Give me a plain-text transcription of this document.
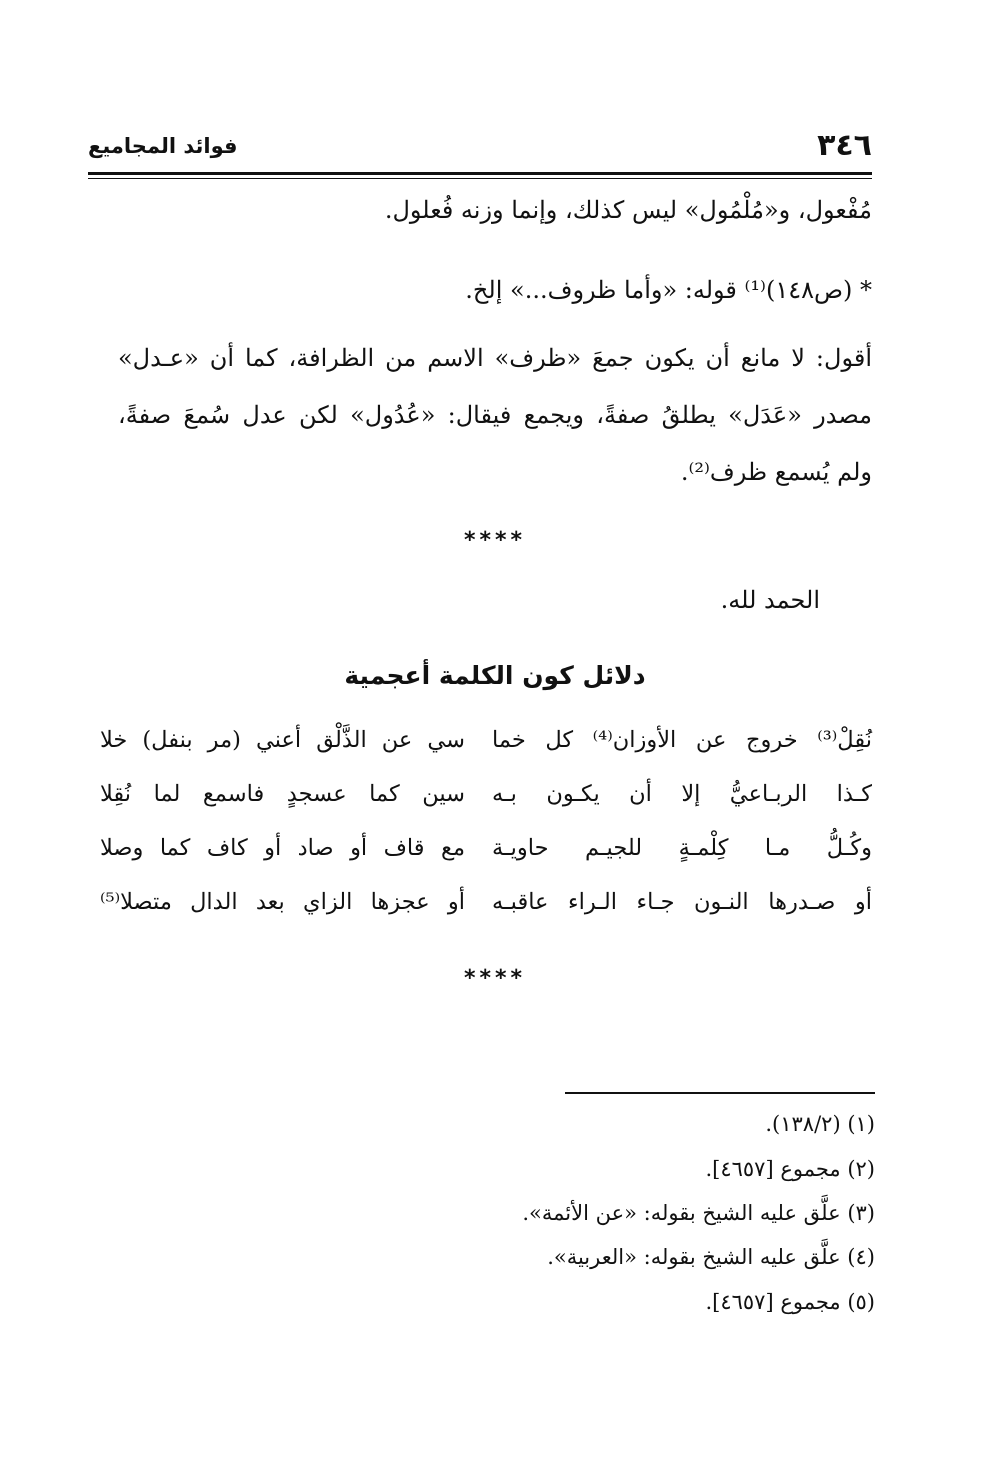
٣٤٦
فوائد المجاميع
مُفْعول، و«مُلْمُول» ليس كذلك، وإنما وزنه فُعلول.
* (ص١٤٨)⁽¹⁾ قوله: «وأما ظروف...» إلخ.
أقول: لا مانع أن يكون جمعَ «ظرف» الاسم من الظرافة، كما أن «عـدل»
مصدر «عَدَل» يطلقُ صفةً، ويجمع فيقال: «عُدُول» لكن عدل سُمعَ صفةً،
ولم يُسمع ظرف⁽²⁾.
****
الحمد لله.
دلائل كون الكلمة أعجمية
نُقِلْ⁽³⁾ خروج عن الأوزان⁽⁴⁾ كل خما
سي عن الذَّلْق أعني (مر بنفل) خلا
كـذا الربـاعيُّ إلا أن يكـون بـه
سين كما عسجدٍ فاسمع لما نُقِلا
وكُـلُّ مـا كِلْمـةٍ للجيـم حاويـة
مع قاف أو صاد أو كاف كما وصلا
أو صـدرها النـون جـاء الـراء عاقبـه
أو عجزها الزاي بعد الدال متصلا⁽⁵⁾
****
(١) (١٣٨/٢).
(٢) مجموع [٤٦٥٧].
(٣) علَّق عليه الشيخ بقوله: «عن الأئمة».
(٤) علَّق عليه الشيخ بقوله: «العربية».
(٥) مجموع [٤٦٥٧].
